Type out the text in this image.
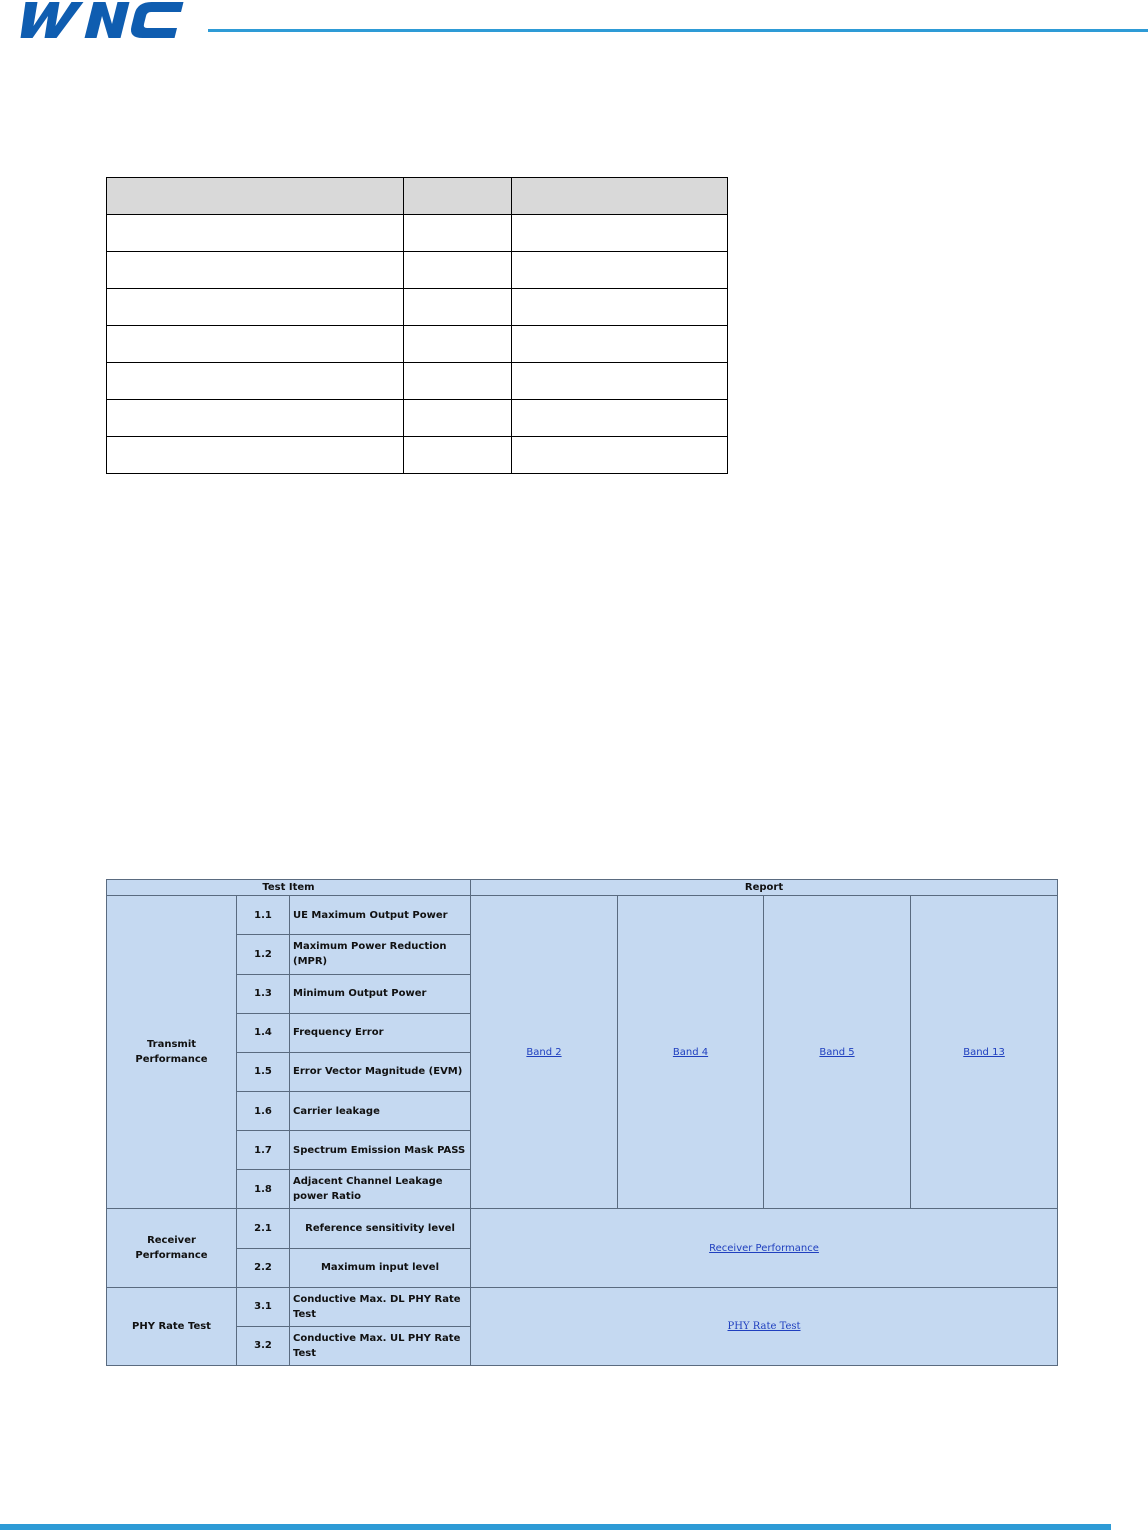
Test Item			Report			
Transmit Performance	1.1	UE Maximum Output Power	Band 2	Band 4	Band 5	Band 13
	1.2	Maximum Power Reduction (MPR)				
	1.3	Minimum Output Power				
	1.4	Frequency Error				
	1.5	Error Vector Magnitude (EVM)				
	1.6	Carrier leakage				
	1.7	Spectrum Emission Mask PASS				
	1.8	Adjacent Channel Leakage power Ratio				
Receiver Performance	2.1	Reference sensitivity level	Receiver Performance			
	2.2	Maximum input level				
PHY Rate Test	3.1	Conductive Max. DL PHY Rate Test	PHY Rate Test			
	3.2	Conductive Max. UL PHY Rate Test				
